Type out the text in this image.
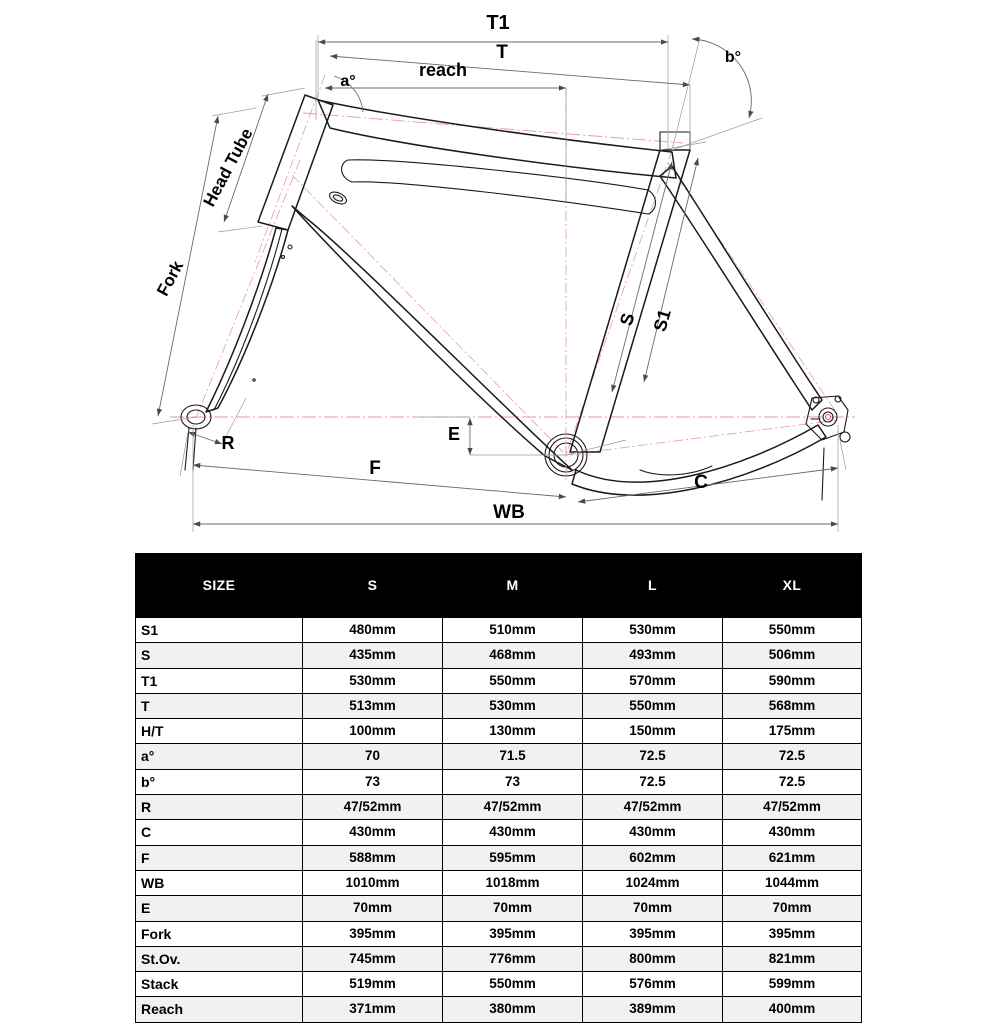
T1
T
reach
a°
b°
Head Tube
Fork
S S1
R	E
F
C
WB
SIZE	S	M	L	XL
S1	480mm	510mm	530mm	550mm
S	435mm	468mm	493mm	506mm
T1	530mm	550mm	570mm	590mm
T	513mm	530mm	550mm	568mm
H/T	100mm	130mm	150mm	175mm
a°	70	71.5	72.5	72.5
b°	73	73	72.5	72.5
R	47/52mm	47/52mm	47/52mm	47/52mm
C	430mm	430mm	430mm	430mm
F	588mm	595mm	602mm	621mm
WB	1010mm	1018mm	1024mm	1044mm
E	70mm	70mm	70mm	70mm
Fork	395mm	395mm	395mm	395mm
St.Ov.	745mm	776mm	800mm	821mm
Stack	519mm	550mm	576mm	599mm
Reach	371mm	380mm	389mm	400mm
